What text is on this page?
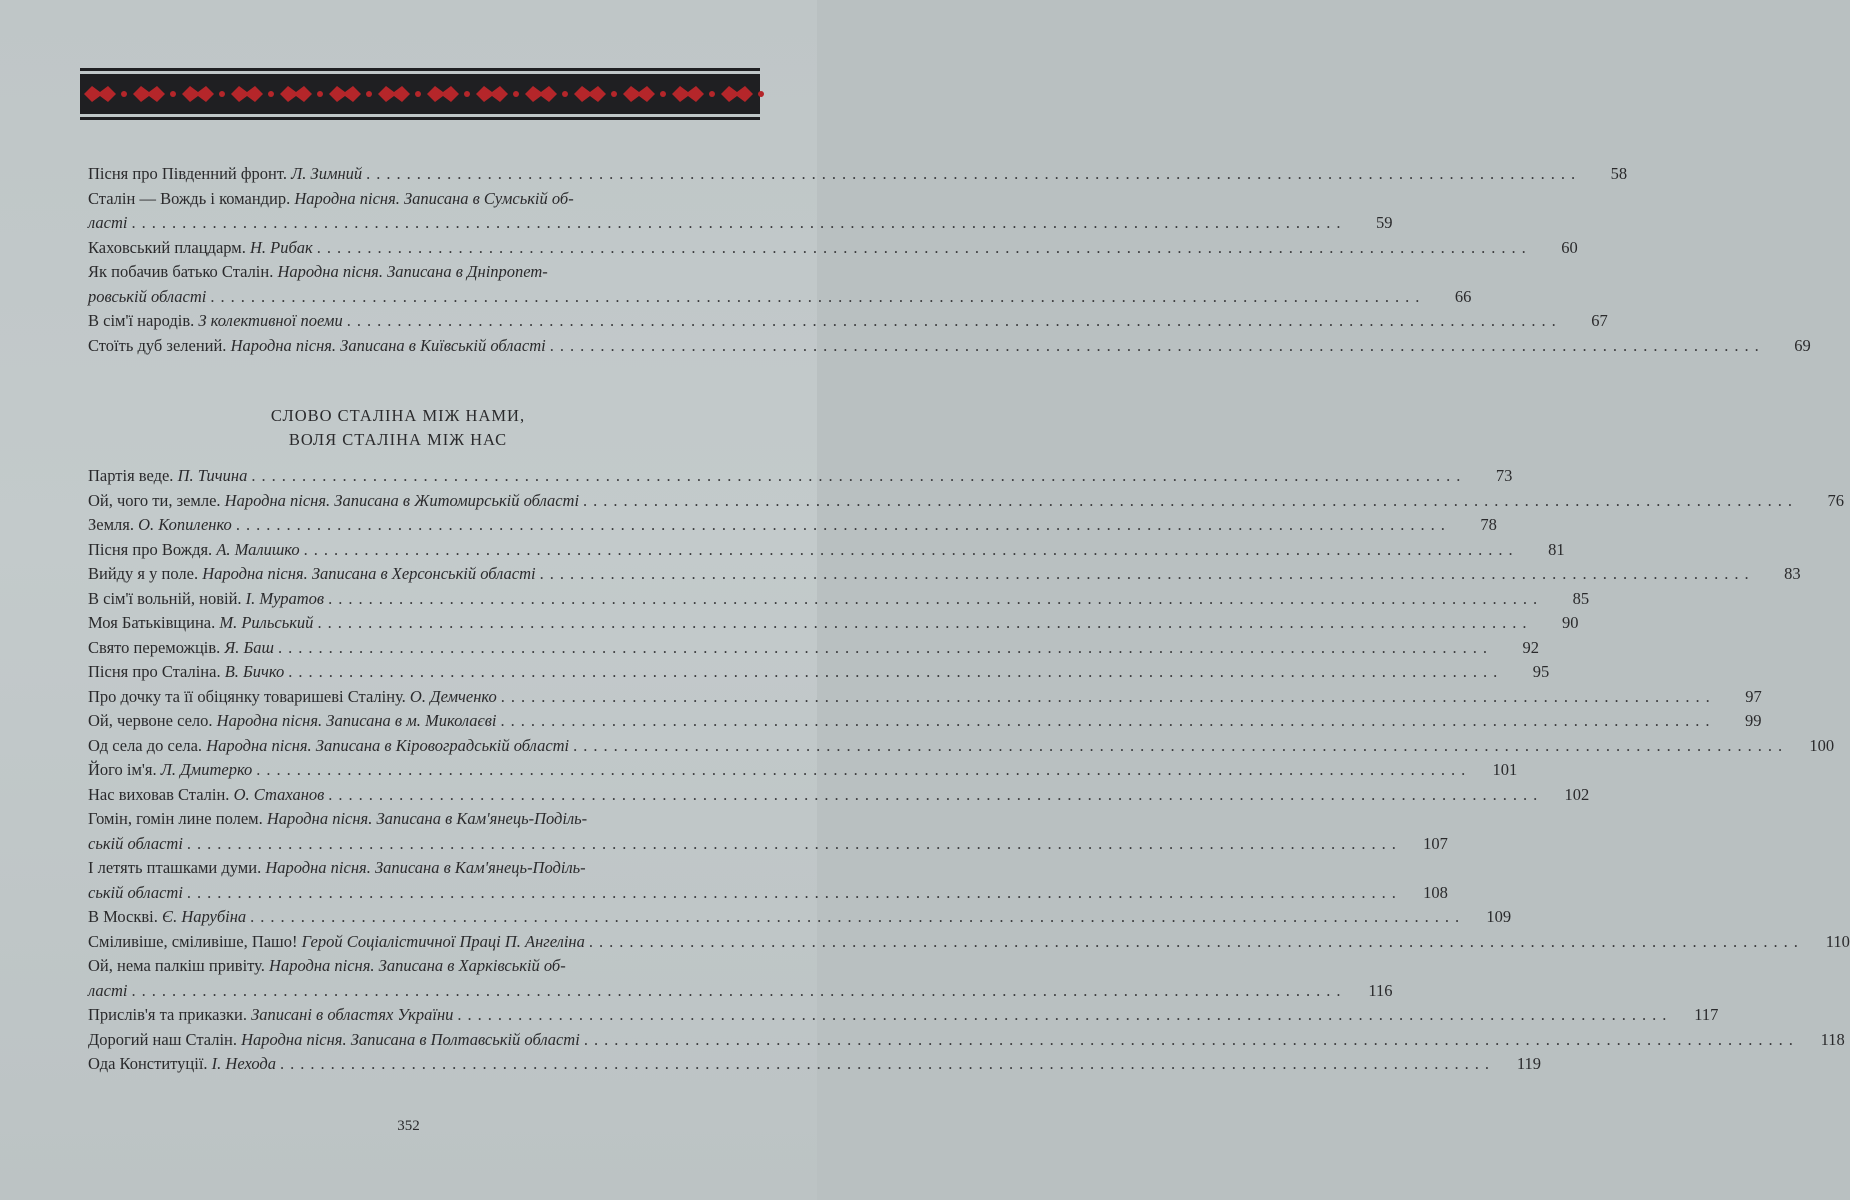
Пісня про Південний фронт.
Л. Зимний ........................................................................................................................	58
Сталін — Вождь і командир.
Народна пісня. Записана в Сумській об-
ласті ........................................................................................................................	59
Каховський плацдарм.
Н. Рибак ........................................................................................................................	60
Як побачив батько Сталін.
Народна пісня. Записана в Дніпропет-
ровській області ........................................................................................................................	66
В сім'ї народів.
З колективної поеми ........................................................................................................................	67
Стоїть дуб зелений.
Народна пісня. Записана в Київській області ........................................................................................................................	69
СЛОВО СТАЛІНА МІЖ НАМИ,
ВОЛЯ СТАЛІНА МІЖ НАС
Партія веде.
П. Тичина ........................................................................................................................	73
Ой, чого ти, земле.
Народна пісня. Записана в Житомирській області ........................................................................................................................	76
Земля.
О. Копиленко ........................................................................................................................	78
Пісня про Вождя.
А. Малишко ........................................................................................................................	81
Вийду я у поле.
Народна пісня. Записана в Херсонській області ........................................................................................................................	83
В сім'ї вольній, новій.
І. Муратов ........................................................................................................................	85
Моя Батьківщина.
М. Рильський ........................................................................................................................	90
Свято переможців.
Я. Баш ........................................................................................................................	92
Пісня про Сталіна.
В. Бичко ........................................................................................................................	95
Про дочку та її обіцянку товаришеві Сталіну.
О. Демченко ........................................................................................................................	97
Ой, червоне село.
Народна пісня. Записана в м. Миколаєві ........................................................................................................................	99
Од села до села.
Народна пісня. Записана в Кіровоградській області ........................................................................................................................	100
Його ім'я.
Л. Дмитерко ........................................................................................................................	101
Нас виховав Сталін.
О. Стаханов ........................................................................................................................	102
Гомін, гомін лине полем.
Народна пісня. Записана в Кам'янець-Поділь-
ській області ........................................................................................................................	107
І летять пташками думи.
Народна пісня. Записана в Кам'янець-Поділь-
ській області ........................................................................................................................	108
В Москві.
Є. Нарубіна ........................................................................................................................	109
Сміливіше, сміливіше, Пашо!
Герой Соціалістичної Праці П. Ангеліна ........................................................................................................................	110
Ой, нема палкіш привіту.
Народна пісня. Записана в Харківській об-
ласті ........................................................................................................................	116
Прислів'я та приказки.
Записані в областях України ........................................................................................................................	117
Дорогий наш Сталін.
Народна пісня. Записана в Полтавській області ........................................................................................................................	118
Ода Конституції.
І. Нехода ........................................................................................................................	119
352
